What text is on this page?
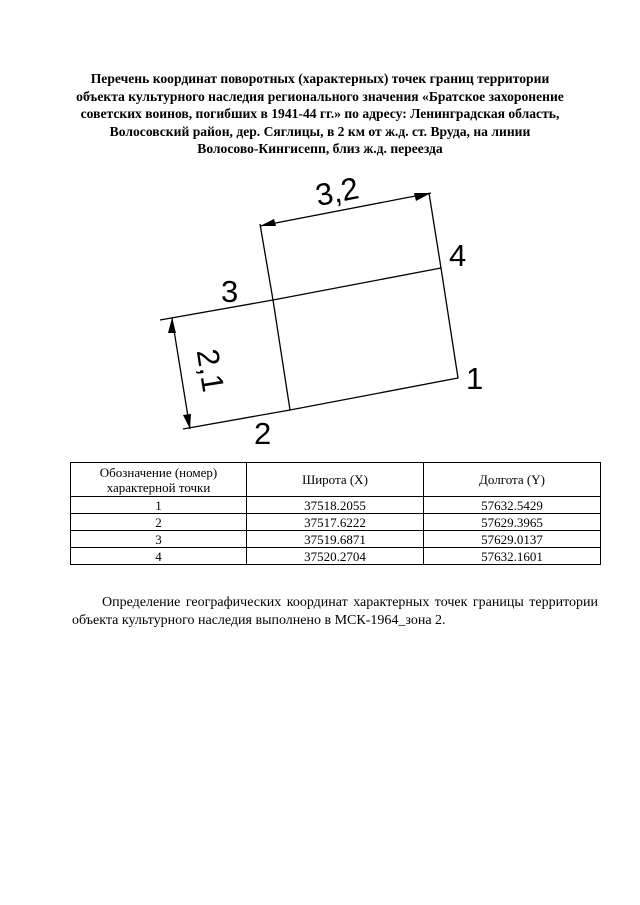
Перечень координат поворотных (характерных) точек границ территории
объекта культурного наследия регионального значения «Братское захоронение
советских воинов, погибших в 1941-44 гг.» по адресу: Ленинградская область,
Волосовский район, дер. Сяглицы, в 2 км от ж.д. ст. Вруда, на линии
Волосово-Кингисепп, близ ж.д. переезда
3,2
2,1	1
2
3
4
Обозначение (номер) характерной точки	Широта (X)	Долгота (Y)
1	37518.2055	57632.5429
2	37517.6222	57629.3965
3	37519.6871	57629.0137
4	37520.2704	57632.1601

Определение географических координат характерных точек границы территории объекта культурного наследия выполнено в МСК-1964_зона 2.
